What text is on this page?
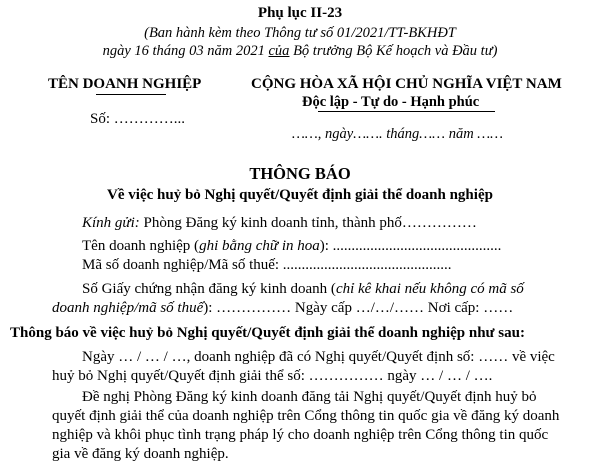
Phụ lục II-23
(Ban hành kèm theo Thông tư số 01/2021/TT-BKHĐT
ngày 16 tháng 03 năm 2021 của Bộ trưởng Bộ Kế hoạch và Đầu tư)
TÊN DOANH NGHIỆP
Số: …………...
CỘNG HÒA XÃ HỘI CHỦ NGHĨA VIỆT NAM
Độc lập - Tự do - Hạnh phúc
……, ngày……. tháng…… năm ……
THÔNG BÁO
Về việc huỷ bỏ Nghị quyết/Quyết định giải thể doanh nghiệp
Kính gửi: Phòng Đăng ký kinh doanh tỉnh, thành phố……………
Tên doanh nghiệp (ghi bằng chữ in hoa): .............................................
Mã số doanh nghiệp/Mã số thuế: .............................................
Số Giấy chứng nhận đăng ký kinh doanh (chỉ kê khai nếu không có mã số
doanh nghiệp/mã số thuế): …………… Ngày cấp …/…/…… Nơi cấp: ……
Thông báo về việc huỷ bỏ Nghị quyết/Quyết định giải thể doanh nghiệp như sau:
Ngày … / … / …, doanh nghiệp đã có Nghị quyết/Quyết định số: …… về việc
huỷ bỏ Nghị quyết/Quyết định giải thể số: …………… ngày … / … / ….
Đề nghị Phòng Đăng ký kinh doanh đăng tải Nghị quyết/Quyết định huỷ bỏ
quyết định giải thể của doanh nghiệp trên Cổng thông tin quốc gia về đăng ký doanh
nghiệp và khôi phục tình trạng pháp lý cho doanh nghiệp trên Cổng thông tin quốc
gia về đăng ký doanh nghiệp.
